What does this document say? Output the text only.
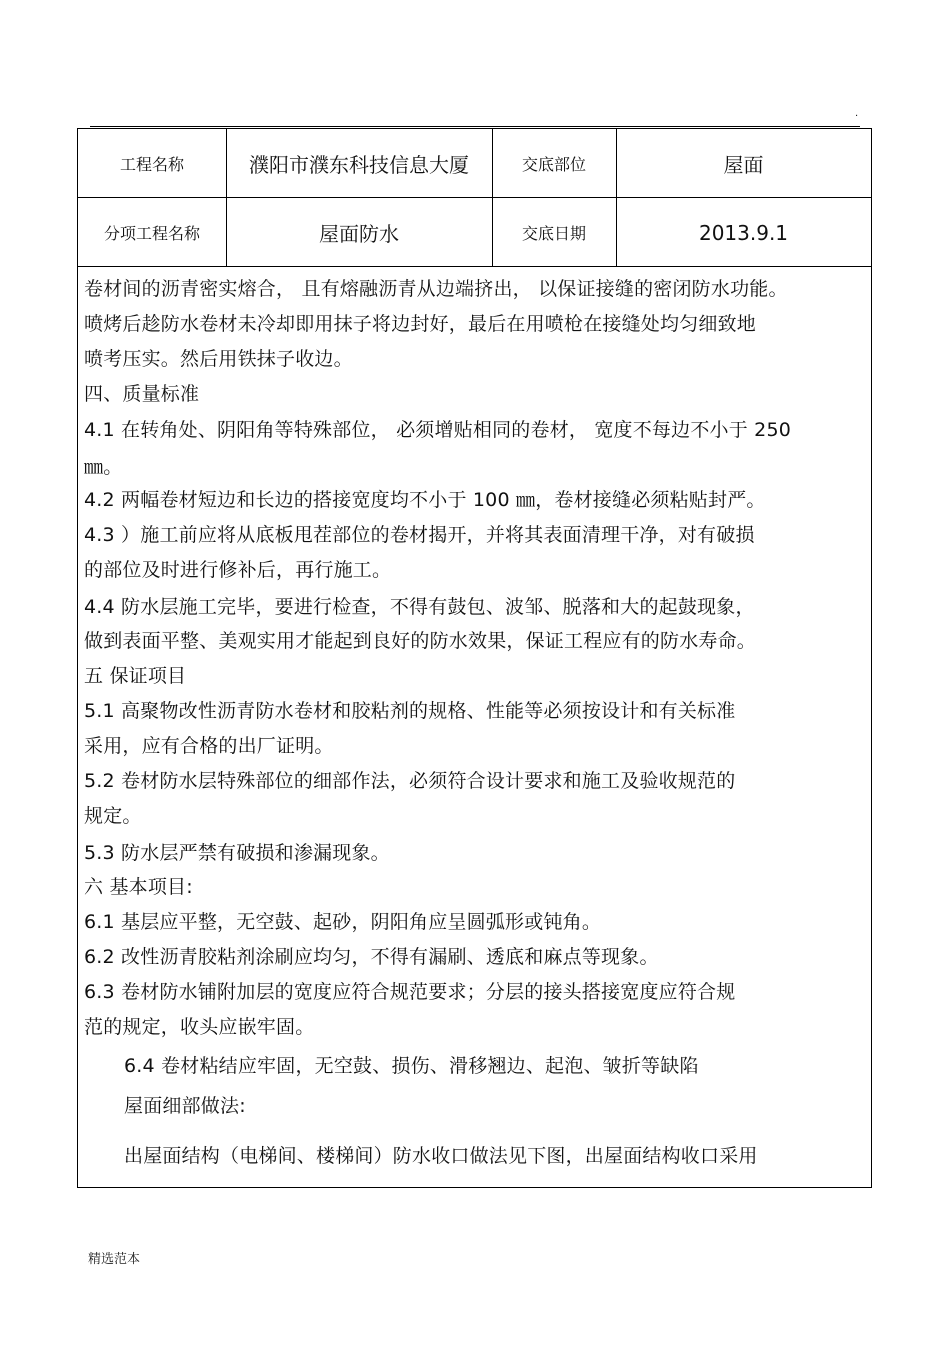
·
工程名称	濮阳市濮东科技信息大厦	交底部位	屋面
分项工程名称	屋面防水	交底日期	2013.9.1
卷材间的沥青密实熔合， 且有熔融沥青从边端挤出， 以保证接缝的密闭防水功能。
喷烤后趁防水卷材未冷却即用抹子将边封好，最后在用喷枪在接缝处均匀细致地
喷考压实。然后用铁抹子收边。
四、质量标准
4.1 在转角处、阴阳角等特殊部位， 必须增贴相同的卷材， 宽度不每边不小于 250
㎜。
4.2 两幅卷材短边和长边的搭接宽度均不小于 100 ㎜，卷材接缝必须粘贴封严。
4.3 ）施工前应将从底板甩茬部位的卷材揭开，并将其表面清理干净，对有破损
的部位及时进行修补后，再行施工。
4.4 防水层施工完毕，要进行检查，不得有鼓包、波邹、脱落和大的起鼓现象，
做到表面平整、美观实用才能起到良好的防水效果，保证工程应有的防水寿命。
五 保证项目
5.1 高聚物改性沥青防水卷材和胶粘剂的规格、性能等必须按设计和有关标准
采用，应有合格的出厂证明。
5.2 卷材防水层特殊部位的细部作法，必须符合设计要求和施工及验收规范的
规定。
5.3 防水层严禁有破损和渗漏现象。
六 基本项目:
6.1 基层应平整，无空鼓、起砂，阴阳角应呈圆弧形或钝角。
6.2 改性沥青胶粘剂涂刷应均匀，不得有漏刷、透底和麻点等现象。
6.3 卷材防水铺附加层的宽度应符合规范要求；分层的接头搭接宽度应符合规
范的规定，收头应嵌牢固。
6.4 卷材粘结应牢固，无空鼓、损伤、滑移翘边、起泡、皱折等缺陷
屋面细部做法:
出屋面结构（电梯间、楼梯间）防水收口做法见下图，出屋面结构收口采用
精选范本
